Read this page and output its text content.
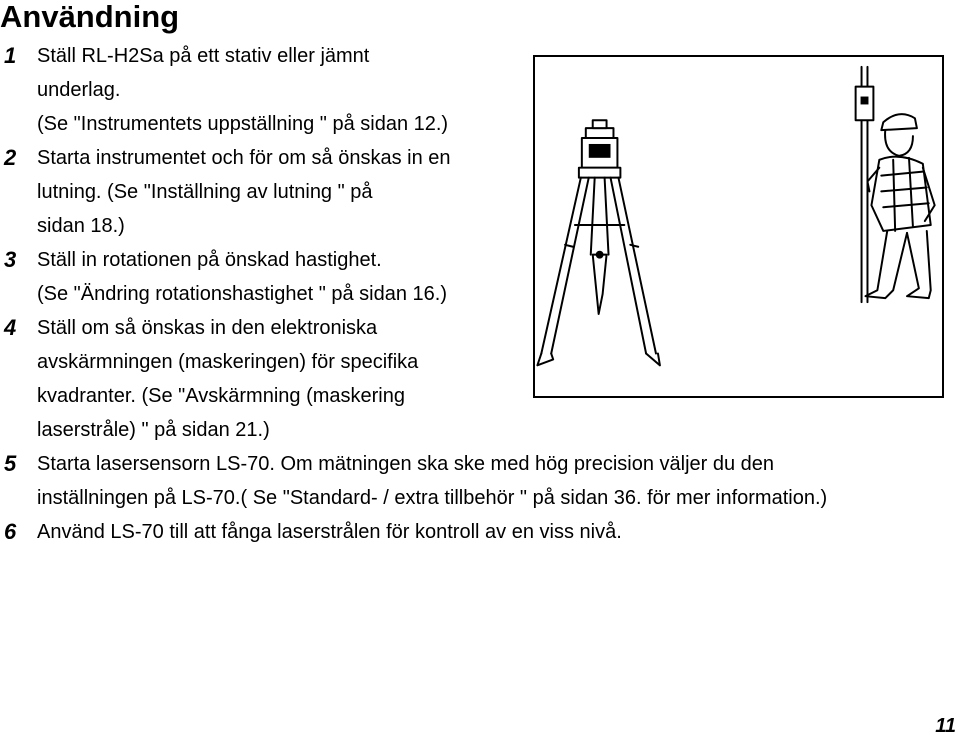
Användning
1 Ställ RL-H2Sa på ett stativ eller jämnt
underlag.
(Se "Instrumentets uppställning " på sidan 12.)
2 Starta instrumentet och för om så önskas in en
lutning. (Se "Inställning av lutning " på
sidan 18.)
3 Ställ in rotationen på önskad hastighet.
(Se "Ändring rotationshastighet " på sidan 16.)
4 Ställ om så önskas in den elektroniska
avskärmningen (maskeringen) för specifika
kvadranter. (Se "Avskärmning (maskering
laserstråle) " på sidan 21.)
5 Starta lasersensorn LS-70. Om mätningen ska ske med hög precision väljer du den
inställningen på LS-70.( Se "Standard- / extra tillbehör " på sidan 36. för mer information.)
6 Använd LS-70 till att fånga laserstrålen för kontroll av en viss nivå.
11
